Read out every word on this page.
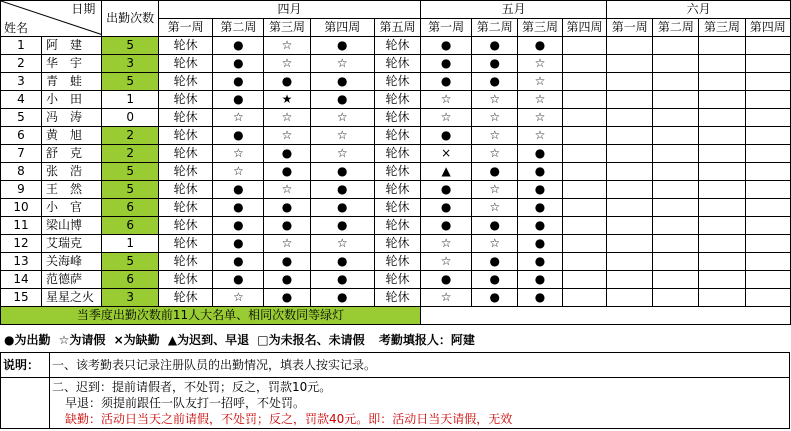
日期
姓名		出勤次数	四月					五月				六月			
			第一周	第二周	第三周	第四周	第五周	第一周	第二周	第三周	第四周	第一周	第二周	第三周	第四周
1	阿　建	5	轮休	●	☆	●	轮休	●	●	●					
2	华　宇	3	轮休	●	☆	☆	轮休	●	●	☆					
3	青　蛙	5	轮休	●	●	●	轮休	●	●	☆					
4	小　田	1	轮休	●	★	●	轮休	☆	☆	☆					
5	冯　涛	0	轮休	☆	☆	☆	轮休	☆	☆	☆					
6	黄　旭	2	轮休	●	☆	☆	轮休	●	☆	☆					
7	舒　克	2	轮休	☆	●	☆	轮休	×	☆	●					
8	张　浩	5	轮休	☆	●	●	轮休	▲	●	●					
9	王　然	5	轮休	●	☆	●	轮休	●	☆	●					
10	小　官	6	轮休	●	●	●	轮休	●	☆	●					
11	梁山博	6	轮休	●	●	●	轮休	●	●	●					
12	艾瑞克	1	轮休	●	☆	☆	轮休	☆	☆	●					
13	关海峰	5	轮休	●	●	●	轮休	☆	●	●					
14	范德萨	6	轮休	●	●	●	轮休	●	●	●					
15	星星之火	3	轮休	☆	●	●	轮休	☆	●	●					
当季度出勤次数前11人大名单、相同次数同等绿灯															
●为出勤 ☆为请假 ×为缺勤 ▲为迟到、早退 □为未报名、未请假 考勤填报人：阿建
说明：	一、该考勤表只记录注册队员的出勤情况，填表人按实记录。

	二、迟到：提前请假者，不处罚；反之，罚款10元。
早退：须提前跟任一队友打一招呼，不处罚。
缺勤：活动日当天之前请假，不处罚；反之，罚款40元。即：活动日当天请假，无效
